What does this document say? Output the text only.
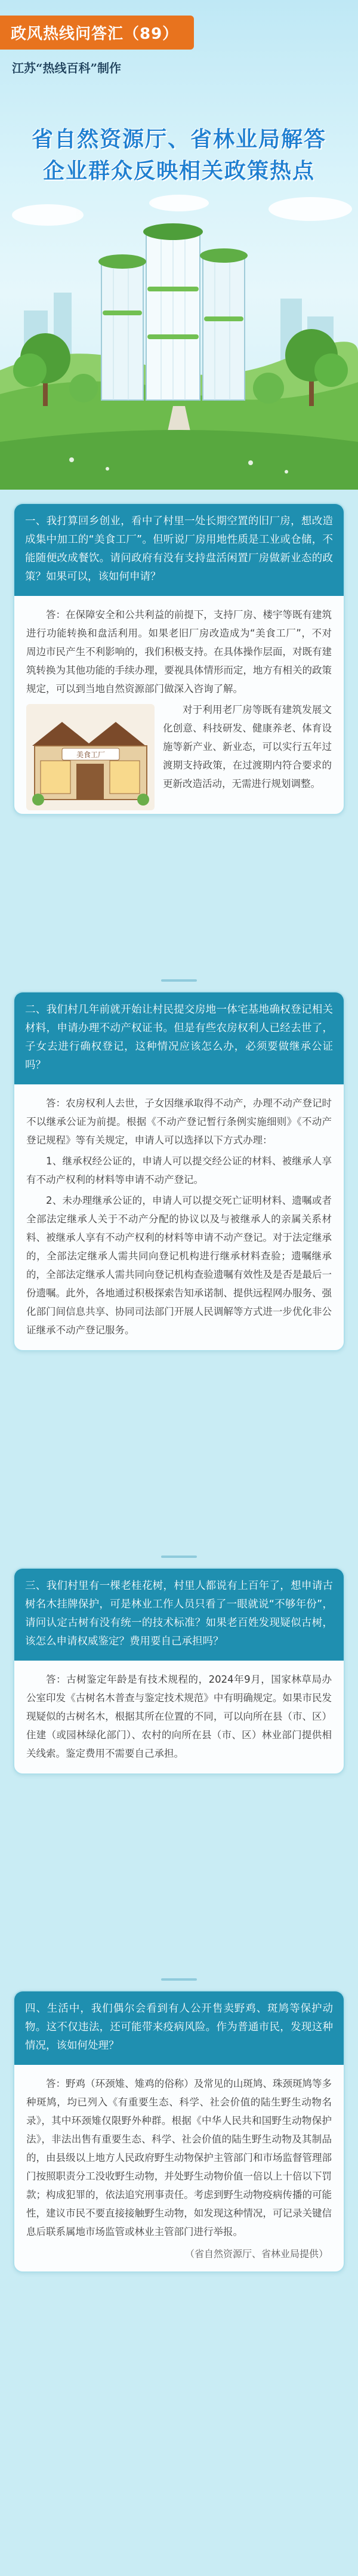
政风热线问答汇（89）
江苏“热线百科”制作
省自然资源厅、省林业局解答
企业群众反映相关政策热点
一、我打算回乡创业，看中了村里一处长期空置的旧厂房，想改造成集中加工的“美食工厂”。但听说厂房用地性质是工业或仓储，不能随便改成餐饮。请问政府有没有支持盘活闲置厂房做新业态的政策？如果可以，该如何申请？

答：在保障安全和公共利益的前提下，支持厂房、楼宇等既有建筑进行功能转换和盘活利用。如果老旧厂房改造成为“美食工厂”，不对周边市民产生不利影响的，我们积极支持。在具体操作层面，对既有建筑转换为其他功能的手续办理，要视具体情形而定，地方有相关的政策规定，可以到当地自然资源部门做深入咨询了解。

美食工厂

对于利用老厂房等既有建筑发展文化创意、科技研发、健康养老、体育设施等新产业、新业态，可以实行五年过渡期支持政策，在过渡期内符合要求的更新改造活动，无需进行规划调整。

二、我们村几年前就开始让村民提交房地一体宅基地确权登记相关材料，申请办理不动产权证书。但是有些农房权利人已经去世了，子女去进行确权登记，这种情况应该怎么办，必须要做继承公证吗？

答：农房权利人去世，子女因继承取得不动产，办理不动产登记时不以继承公证为前提。根据《不动产登记暂行条例实施细则》《不动产登记规程》等有关规定，申请人可以选择以下方式办理：

1、继承权经公证的，申请人可以提交经公证的材料、被继承人享有不动产权利的材料等申请不动产登记。

2、未办理继承公证的，申请人可以提交死亡证明材料、遗嘱或者全部法定继承人关于不动产分配的协议以及与被继承人的亲属关系材料、被继承人享有不动产权利的材料等申请不动产登记。对于法定继承的，全部法定继承人需共同向登记机构进行继承材料查验；遗嘱继承的，全部法定继承人需共同向登记机构查验遗嘱有效性及是否是最后一份遗嘱。此外，各地通过积极探索告知承诺制、提供远程网办服务、强化部门间信息共享、协同司法部门开展人民调解等方式进一步优化非公证继承不动产登记服务。

三、我们村里有一棵老桂花树，村里人都说有上百年了，想申请古树名木挂牌保护，可是林业工作人员只看了一眼就说“不够年份”，请问认定古树有没有统一的技术标准？如果老百姓发现疑似古树，该怎么申请权威鉴定？费用要自己承担吗？

答：古树鉴定年龄是有技术规程的，2024年9月，国家林草局办公室印发《古树名木普查与鉴定技术规范》中有明确规定。如果市民发现疑似的古树名木，根据其所在位置的不同，可以向所在县（市、区）住建（或园林绿化部门）、农村的向所在县（市、区）林业部门提供相关线索。鉴定费用不需要自己承担。

四、生活中，我们偶尔会看到有人公开售卖野鸡、斑鸠等保护动物。这不仅违法，还可能带来疫病风险。作为普通市民，发现这种情况，该如何处理？

答：野鸡（环颈雉、雉鸡的俗称）及常见的山斑鸠、珠颈斑鸠等多种斑鸠，均已列入《有重要生态、科学、社会价值的陆生野生动物名录》，其中环颈雉仅限野外种群。根据《中华人民共和国野生动物保护法》，非法出售有重要生态、科学、社会价值的陆生野生动物及其制品的，由县级以上地方人民政府野生动物保护主管部门和市场监督管理部门按照职责分工没收野生动物，并处野生动物价值一倍以上十倍以下罚款；构成犯罪的，依法追究刑事责任。考虑到野生动物疫病传播的可能性，建议市民不要直接接触野生动物，如发现这种情况，可记录关键信息后联系属地市场监管或林业主管部门进行举报。

（省自然资源厅、省林业局提供）
